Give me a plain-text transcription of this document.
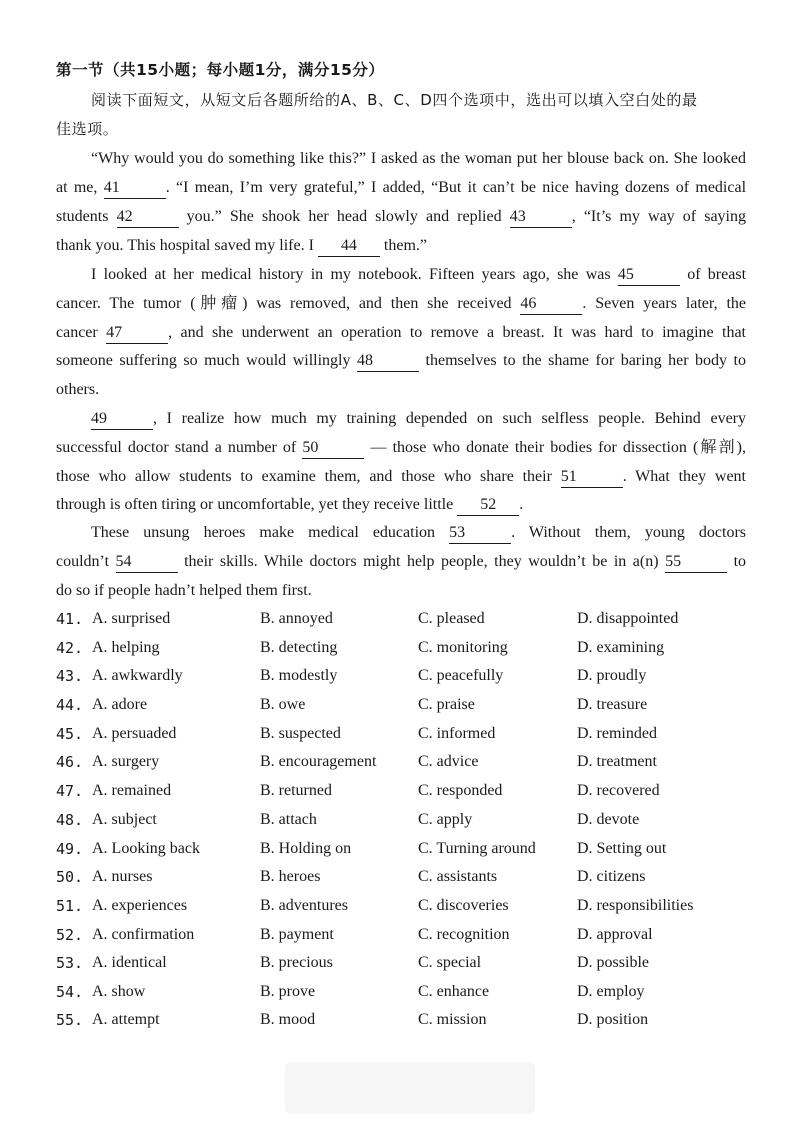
第一节（共15小题；每小题1分，满分15分）
阅读下面短文，从短文后各题所给的A、B、C、D四个选项中，选出可以填入空白处的最
佳选项。
“Why would you do something like this?” I asked as the woman put her blouse back on. She looked
at me, 41	. “I mean, I’m very grateful,” I added, “But it can’t be nice having dozens of medical
students 42	you.” She shook her head slowly and replied 43	, “It’s my way of saying
thank you. This hospital saved my life. I 44 them.”
I looked at her medical history in my notebook. Fifteen years ago, she was 45	of breast
cancer. The tumor (肿瘤) was removed, and then she received 46	. Seven years later, the
cancer 47	, and she underwent an operation to remove a breast. It was hard to imagine that
someone suffering so much would willingly 48	themselves to the shame for baring her body to
others.
49	, I realize how much my training depended on such selfless people. Behind every
successful doctor stand a number of 50	— those who donate their bodies for dissection (解剖),
those who allow students to examine them, and those who share their 51	. What they went
through is often tiring or uncomfortable, yet they receive little 52 .
These unsung heroes make medical education 53	. Without them, young doctors
couldn’t 54	their skills. While doctors might help people, they wouldn’t be in a(n) 55	to
do so if people hadn’t helped them first.
41. A. surprised	B. annoyed	C. pleased	D. disappointed
42. A. helping	B. detecting	C. monitoring	D. examining
43. A. awkwardly	B. modestly	C. peacefully	D. proudly
44. A. adore	B. owe	C. praise	D. treasure
45. A. persuaded	B. suspected	C. informed	D. reminded
46. A. surgery	B. encouragement	C. advice	D. treatment
47. A. remained	B. returned	C. responded	D. recovered
48. A. subject	B. attach	C. apply	D. devote
49. A. Looking back	B. Holding on	C. Turning around	D. Setting out
50. A. nurses	B. heroes	C. assistants	D. citizens
51. A. experiences	B. adventures	C. discoveries	D. responsibilities
52. A. confirmation	B. payment	C. recognition	D. approval
53. A. identical	B. precious	C. special	D. possible
54. A. show	B. prove	C. enhance	D. employ
55. A. attempt	B. mood	C. mission	D. position
